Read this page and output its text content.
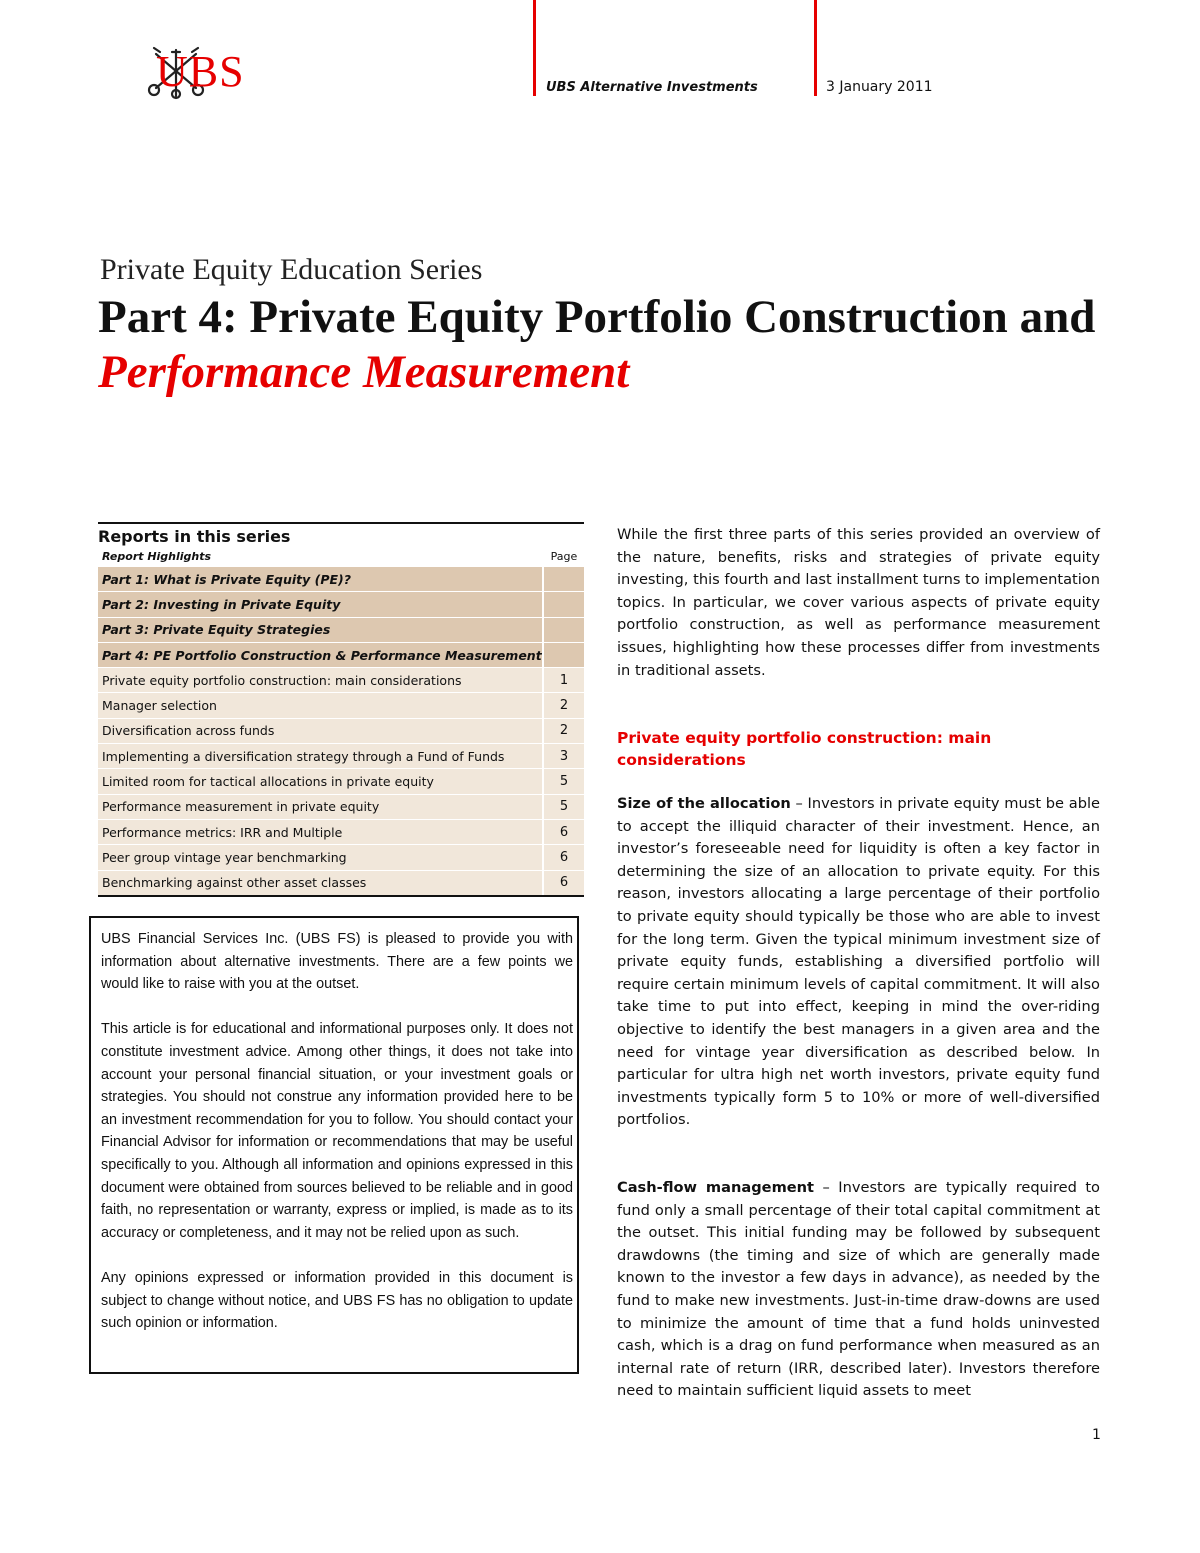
UBS	UBS Alternative Investments	3 January 2011
Private Equity Education Series
Part 4: Private Equity Portfolio Construction and
Performance Measurement
Reports in this series
Report Highlights	Page
Part 1: What is Private Equity (PE)?
Part 2: Investing in Private Equity
Part 3: Private Equity Strategies
Part 4: PE Portfolio Construction & Performance Measurement
Private equity portfolio construction: main considerations	1
Manager selection	2
Diversification across funds	2
Implementing a diversification strategy through a Fund of Funds	3
Limited room for tactical allocations in private equity	5
Performance measurement in private equity	5
Performance metrics: IRR and Multiple	6
Peer group vintage year benchmarking	6
Benchmarking against other asset classes	6

UBS Financial Services Inc. (UBS FS) is pleased to provide you with information about alternative investments. There are a few points we would like to raise with you at the outset.

This article is for educational and informational purposes only. It does not constitute investment advice. Among other things, it does not take into account your personal financial situation, or your investment goals or strategies. You should not construe any information provided here to be an investment recommendation for you to follow. You should contact your Financial Advisor for information or recommendations that may be useful specifically to you. Although all information and opinions expressed in this document were obtained from sources believed to be reliable and in good faith, no representation or warranty, express or implied, is made as to its accuracy or completeness, and it may not be relied upon as such.

Any opinions expressed or information provided in this document is subject to change without notice, and UBS FS has no obligation to update such opinion or information.

While the first three parts of this series provided an overview of the nature, benefits, risks and strategies of private equity investing, this fourth and last installment turns to implementation topics. In particular, we cover various aspects of private equity portfolio construction, as well as performance measurement issues, highlighting how these processes differ from investments in traditional assets.
Private equity portfolio construction: main considerations
Size of the allocation – Investors in private equity must be able to accept the illiquid character of their investment. Hence, an investor’s foreseeable need for liquidity is often a key factor in determining the size of an allocation to private equity. For this reason, investors allocating a large percentage of their portfolio to private equity should typically be those who are able to invest for the long term. Given the typical minimum investment size of private equity funds, establishing a diversified portfolio will require certain minimum levels of capital commitment. It will also take time to put into effect, keeping in mind the over-riding objective to identify the best managers in a given area and the need for vintage year diversification as described below. In particular for ultra high net worth investors, private equity fund investments typically form 5 to 10% or more of well-diversified portfolios.
Cash-flow management – Investors are typically required to fund only a small percentage of their total capital commitment at the outset. This initial funding may be followed by subsequent drawdowns (the timing and size of which are generally made known to the investor a few days in advance), as needed by the fund to make new investments. Just-in-time draw-downs are used to minimize the amount of time that a fund holds uninvested cash, which is a drag on fund performance when measured as an internal rate of return (IRR, described later). Investors therefore need to maintain sufficient liquid assets to meet
1
